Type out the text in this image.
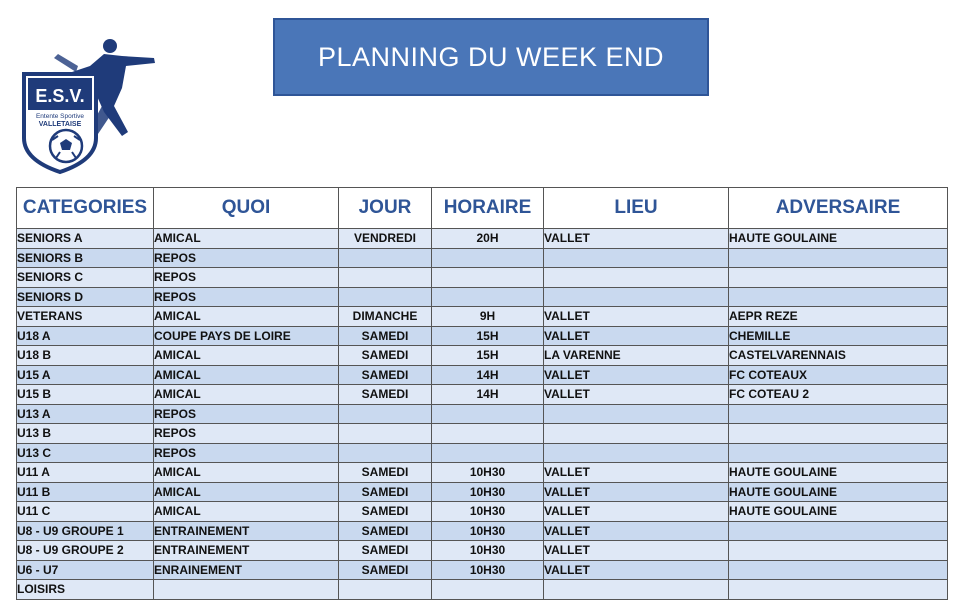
E.S.V.
Entente Sportive
VALLETAISE
PLANNING DU WEEK END
CATEGORIES	QUOI	JOUR	HORAIRE	LIEU	ADVERSAIRE
SENIORS A	AMICAL	VENDREDI	20H	VALLET	HAUTE GOULAINE
SENIORS B	REPOS				
SENIORS C	REPOS				
SENIORS D	REPOS				
VETERANS	AMICAL	DIMANCHE	9H	VALLET	AEPR REZE
U18 A	COUPE PAYS DE LOIRE	SAMEDI	15H	VALLET	CHEMILLE
U18 B	AMICAL	SAMEDI	15H	LA VARENNE	CASTELVARENNAIS
U15 A	AMICAL	SAMEDI	14H	VALLET	FC COTEAUX
U15 B	AMICAL	SAMEDI	14H	VALLET	FC COTEAU 2
U13 A	REPOS				
U13 B	REPOS				
U13 C	REPOS				
U11 A	AMICAL	SAMEDI	10H30	VALLET	HAUTE GOULAINE
U11 B	AMICAL	SAMEDI	10H30	VALLET	HAUTE GOULAINE
U11 C	AMICAL	SAMEDI	10H30	VALLET	HAUTE GOULAINE
U8 - U9 GROUPE 1	ENTRAINEMENT	SAMEDI	10H30	VALLET	
U8 - U9 GROUPE 2	ENTRAINEMENT	SAMEDI	10H30	VALLET	
U6 - U7	ENRAINEMENT	SAMEDI	10H30	VALLET	
LOISIRS					
